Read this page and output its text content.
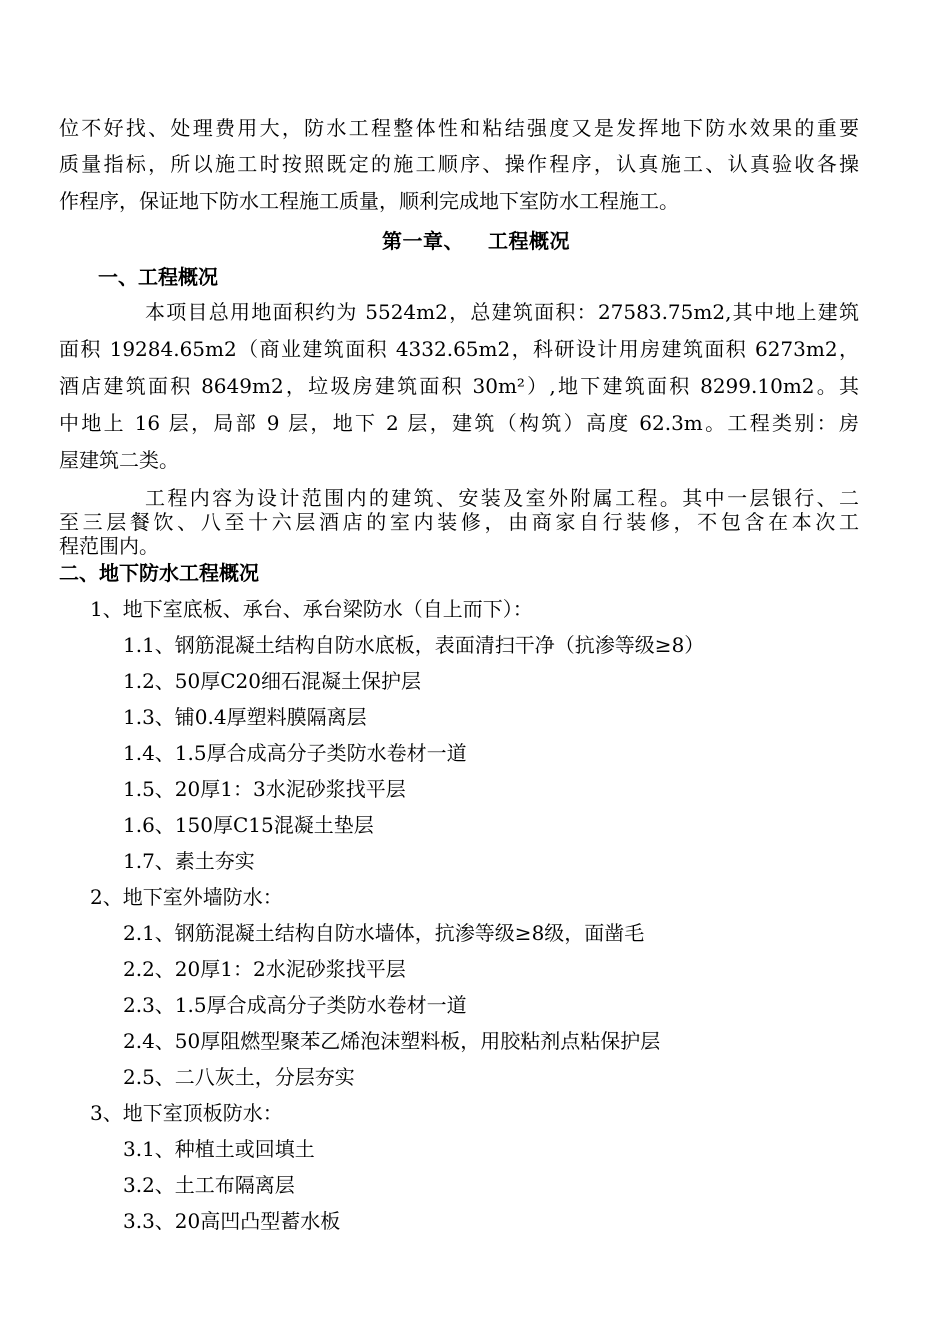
位不好找、处理费用大，防水工程整体性和粘结强度又是发挥地下防水效果的重要
质量指标，所以施工时按照既定的施工顺序、操作程序，认真施工、认真验收各操
作程序，保证地下防水工程施工质量，顺利完成地下室防水工程施工。
第一章、 工程概况
一、工程概况
本项目总用地面积约为 5524m2，总建筑面积：27583.75m2,其中地上建筑
面积 19284.65m2（商业建筑面积 4332.65m2，科研设计用房建筑面积 6273m2，
酒店建筑面积 8649m2，垃圾房建筑面积 30m²）,地下建筑面积 8299.10m2。其
中地上 16 层，局部 9 层，地下 2 层，建筑（构筑）高度 62.3m。工程类别：房
屋建筑二类。
工程内容为设计范围内的建筑、安装及室外附属工程。其中一层银行、二
至三层餐饮、八至十六层酒店的室内装修，由商家自行装修，不包含在本次工
程范围内。
二、地下防水工程概况
1、地下室底板、承台、承台梁防水（自上而下）：
1.1、钢筋混凝土结构自防水底板，表面清扫干净（抗渗等级≥8）
1.2、50厚C20细石混凝土保护层
1.3、铺0.4厚塑料膜隔离层
1.4、1.5厚合成高分子类防水卷材一道
1.5、20厚1：3水泥砂浆找平层
1.6、150厚C15混凝土垫层
1.7、素土夯实
2、地下室外墙防水：
2.1、钢筋混凝土结构自防水墙体，抗渗等级≥8级，面凿毛
2.2、20厚1：2水泥砂浆找平层
2.3、1.5厚合成高分子类防水卷材一道
2.4、50厚阻燃型聚苯乙烯泡沫塑料板，用胶粘剂点粘保护层
2.5、二八灰土，分层夯实
3、地下室顶板防水：
3.1、种植土或回填土
3.2、土工布隔离层
3.3、20高凹凸型蓄水板
